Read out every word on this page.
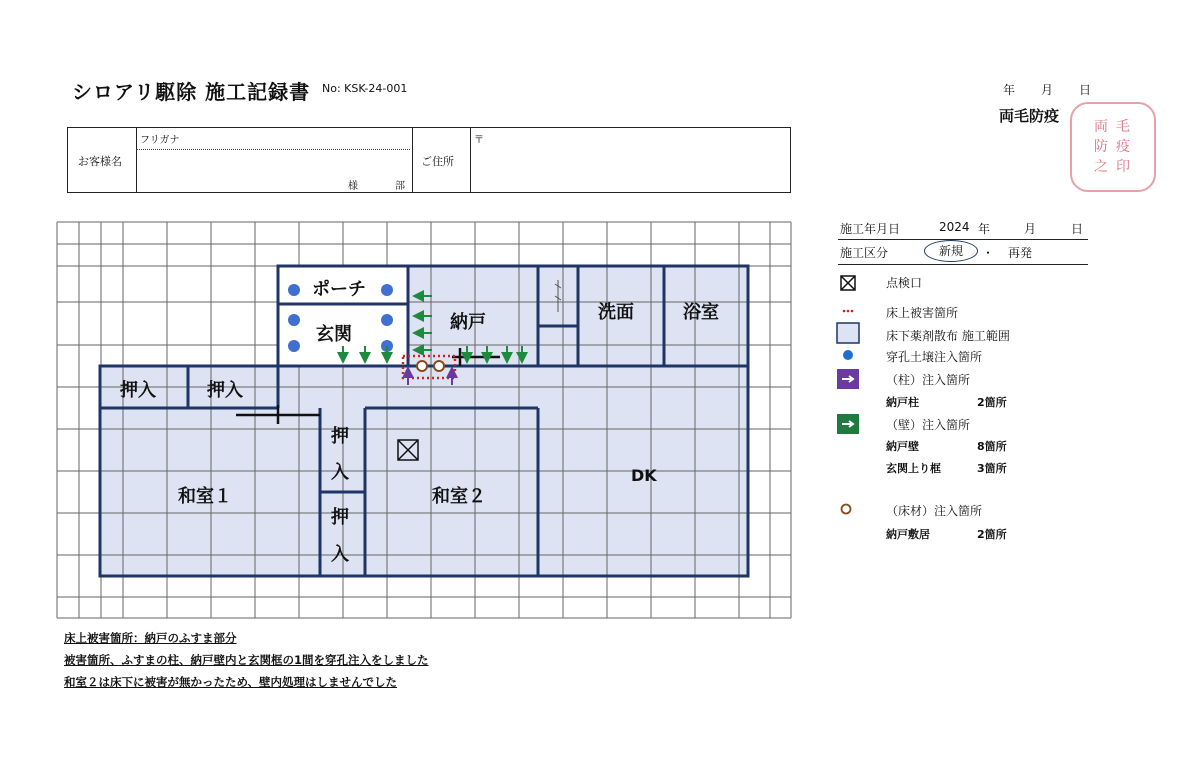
シロアリ駆除 施工記録書 No: KSK-24-001	年 月 日
両毛防疫
両 毛
防 疫
之 印
お客様名
フリガナ
様	部
ご住所
〒
ポーチ
玄関
納戸	洗面	浴室
押入	押入
押
入
押
入
和室１	和室２
DK
施工年月日	2024 年	月	日
施工区分	新規	・ 再発
点検口
床上被害箇所
床下薬剤散布 施工範囲
穿孔土壌注入箇所
（柱）注入箇所
納戸柱	2箇所
（壁）注入箇所
納戸壁	8箇所
玄関上り框	3箇所
（床材）注入箇所
納戸敷居	2箇所
床上被害箇所：納戸のふすま部分
被害箇所、ふすまの柱、納戸壁内と玄関框の1間を穿孔注入をしました
和室２は床下に被害が無かったため、壁内処理はしませんでした
